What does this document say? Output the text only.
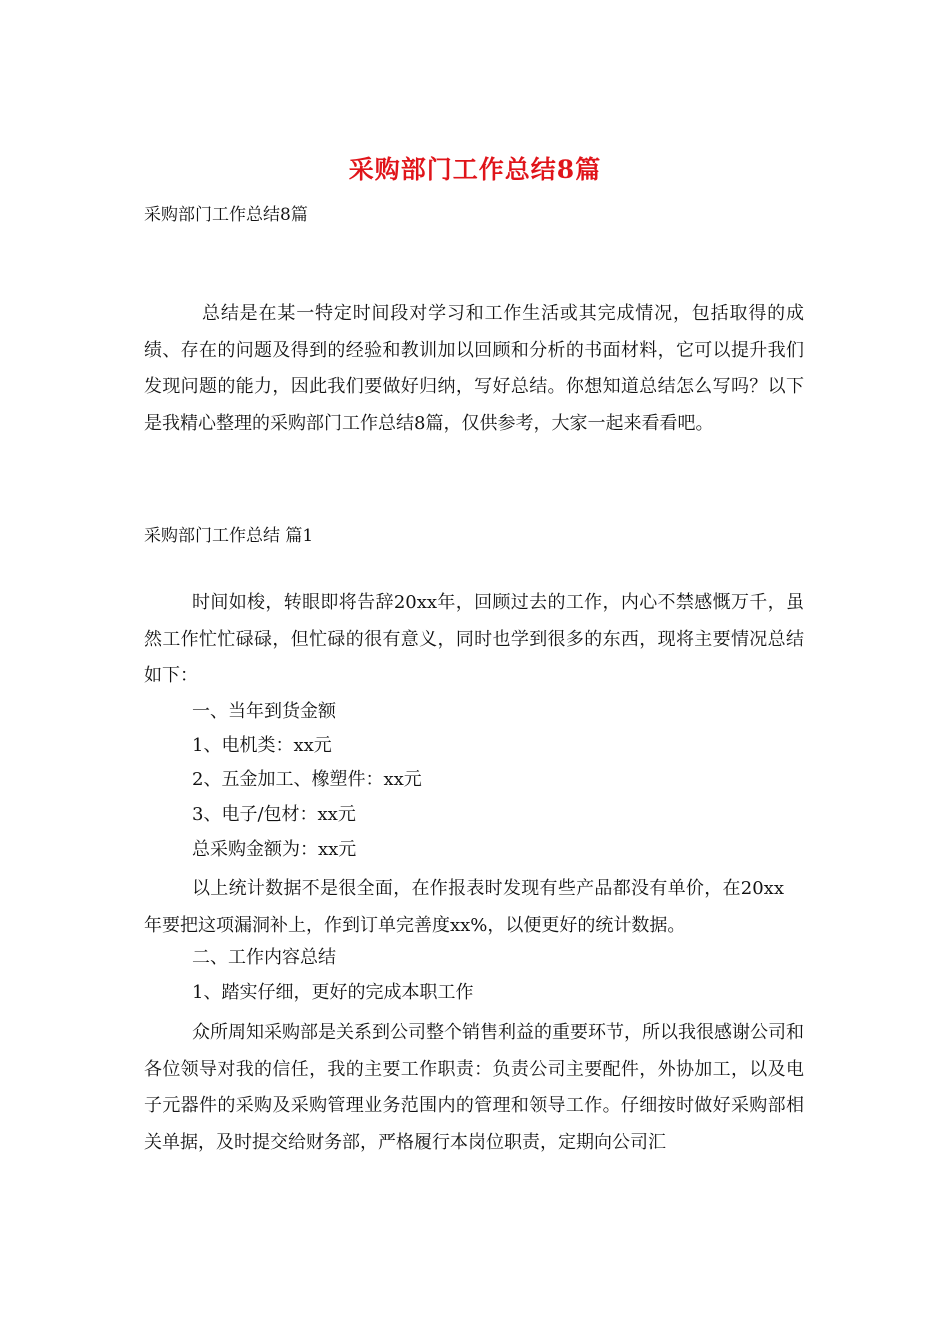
采购部门工作总结8篇
采购部门工作总结8篇

总结是在某一特定时间段对学习和工作生活或其完成情况，包括取得的成绩、存在的问题及得到的经验和教训加以回顾和分析的书面材料，它可以提升我们发现问题的能力，因此我们要做好归纳，写好总结。你想知道总结怎么写吗？以下是我精心整理的采购部门工作总结8篇，仅供参考，大家一起来看看吧。

采购部门工作总结 篇1

时间如梭，转眼即将告辞20xx年，回顾过去的工作，内心不禁感慨万千，虽然工作忙忙碌碌，但忙碌的很有意义，同时也学到很多的东西，现将主要情况总结如下：

一、当年到货金额
1、电机类：xx元
2、五金加工、橡塑件：xx元
3、电子/包材：xx元
总采购金额为：xx元

以上统计数据不是很全面，在作报表时发现有些产品都没有单价，在20xx年要把这项漏洞补上，作到订单完善度xx%，以便更好的统计数据。

二、工作内容总结
1、踏实仔细，更好的完成本职工作

众所周知采购部是关系到公司整个销售利益的重要环节，所以我很感谢公司和各位领导对我的信任，我的主要工作职责：负责公司主要配件，外协加工，以及电子元器件的采购及采购管理业务范围内的管理和领导工作。仔细按时做好采购部相关单据，及时提交给财务部，严格履行本岗位职责，定期向公司汇
